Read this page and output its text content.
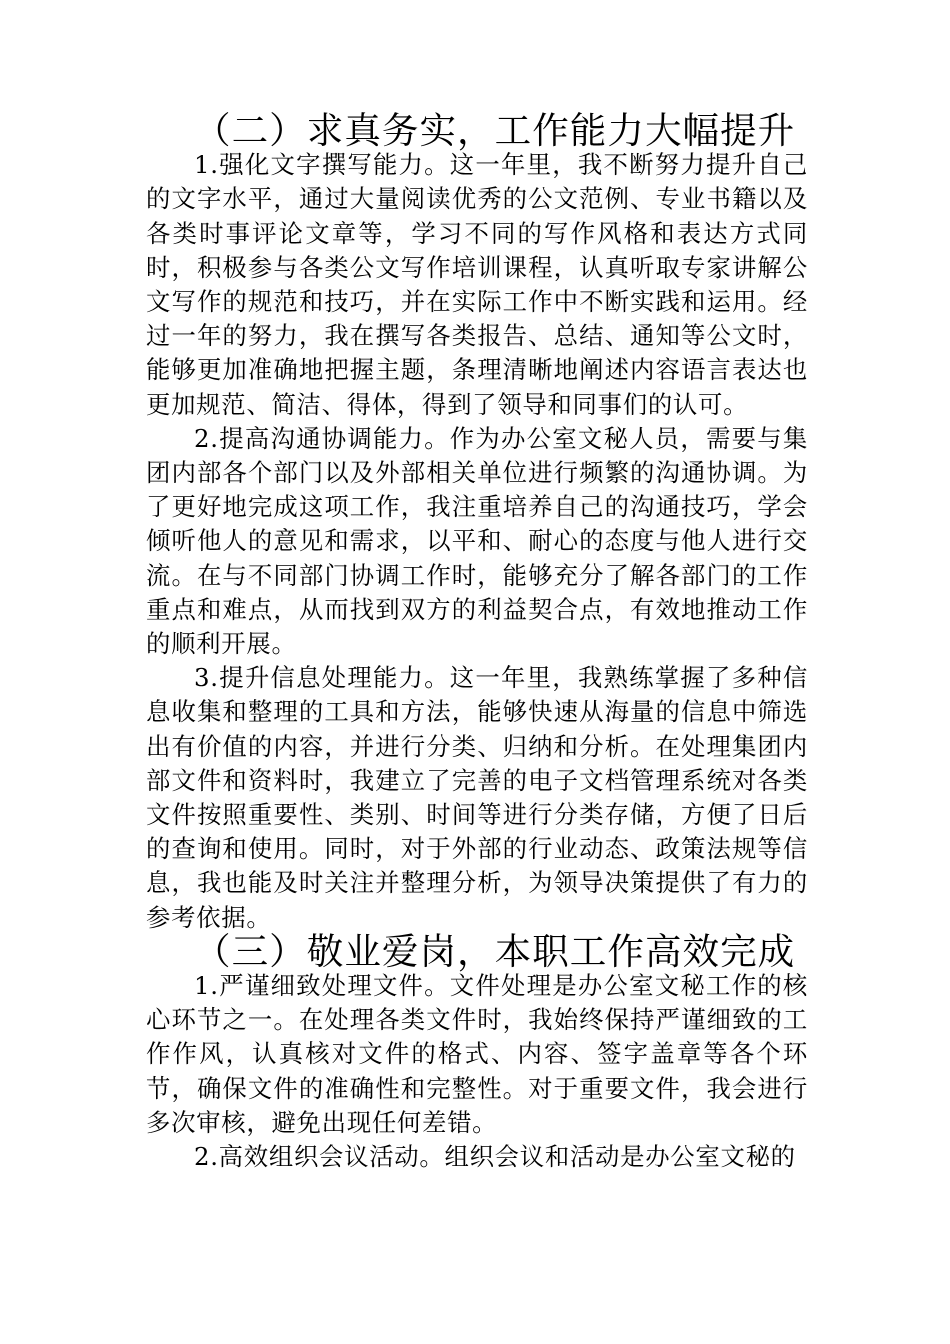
（二）求真务实，工作能力大幅提升

1.强化文字撰写能力。这一年里，我不断努力提升自己的文字水平，通过大量阅读优秀的公文范例、专业书籍以及各类时事评论文章等，学习不同的写作风格和表达方式同时，积极参与各类公文写作培训课程，认真听取专家讲解公文写作的规范和技巧，并在实际工作中不断实践和运用。经过一年的努力，我在撰写各类报告、总结、通知等公文时，能够更加准确地把握主题，条理清晰地阐述内容语言表达也更加规范、简洁、得体，得到了领导和同事们的认可。

2.提高沟通协调能力。作为办公室文秘人员，需要与集团内部各个部门以及外部相关单位进行频繁的沟通协调。为了更好地完成这项工作，我注重培养自己的沟通技巧，学会倾听他人的意见和需求，以平和、耐心的态度与他人进行交流。在与不同部门协调工作时，能够充分了解各部门的工作重点和难点，从而找到双方的利益契合点，有效地推动工作的顺利开展。

3.提升信息处理能力。这一年里，我熟练掌握了多种信息收集和整理的工具和方法，能够快速从海量的信息中筛选出有价值的内容，并进行分类、归纳和分析。在处理集团内部文件和资料时，我建立了完善的电子文档管理系统对各类文件按照重要性、类别、时间等进行分类存储，方便了日后的查询和使用。同时，对于外部的行业动态、政策法规等信息，我也能及时关注并整理分析，为领导决策提供了有力的参考依据。

（三）敬业爱岗，本职工作高效完成

1.严谨细致处理文件。文件处理是办公室文秘工作的核心环节之一。在处理各类文件时，我始终保持严谨细致的工作作风，认真核对文件的格式、内容、签字盖章等各个环节，确保文件的准确性和完整性。对于重要文件，我会进行多次审核，避免出现任何差错。

2.高效组织会议活动。组织会议和活动是办公室文秘的
